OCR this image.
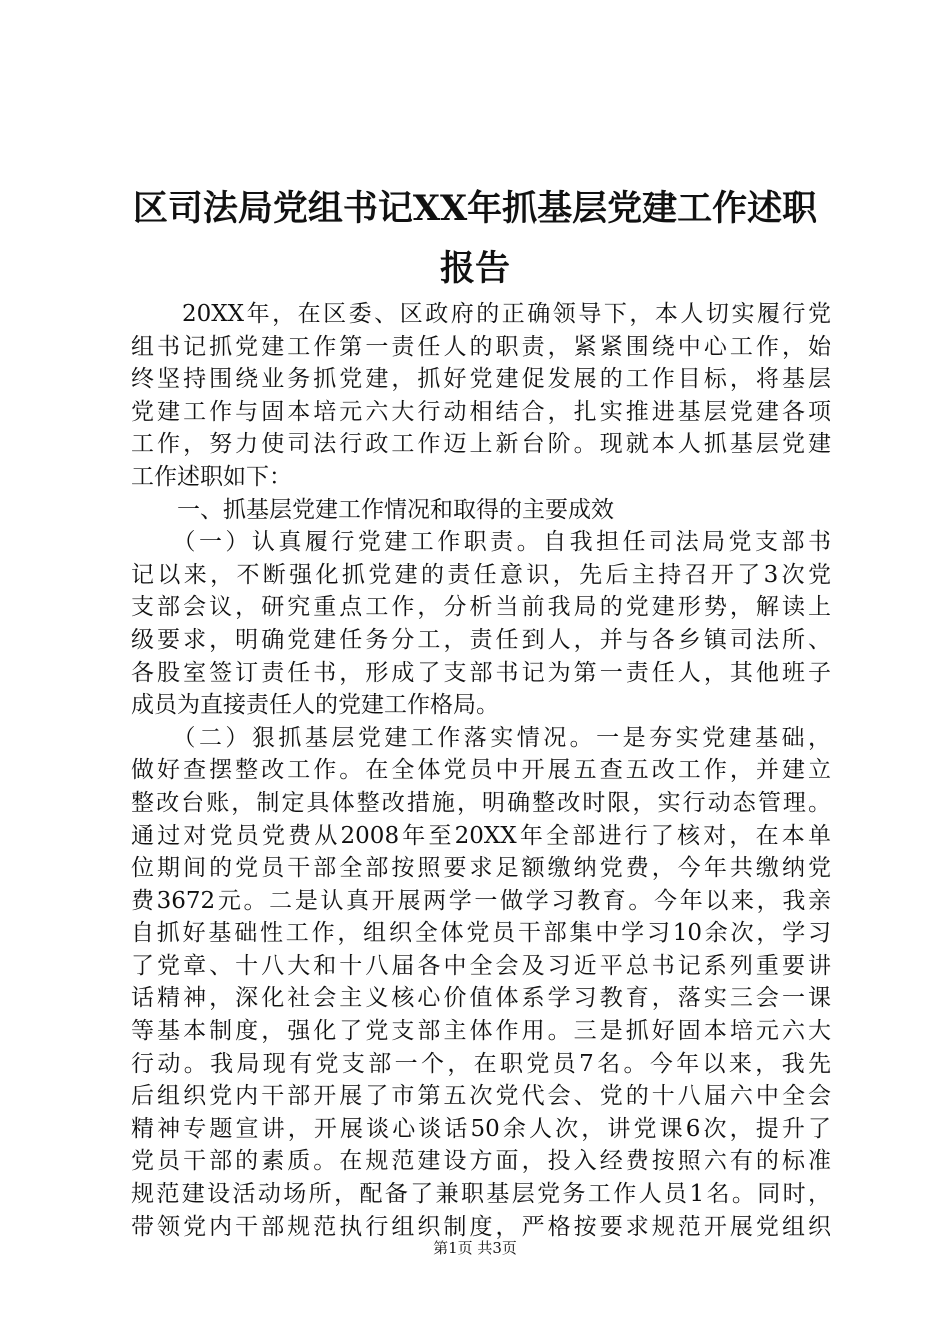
区司法局党组书记XX年抓基层党建工作述职
报告
　　20XX年，在区委、区政府的正确领导下，本人切实履行党
组书记抓党建工作第一责任人的职责，紧紧围绕中心工作，始
终坚持围绕业务抓党建，抓好党建促发展的工作目标，将基层
党建工作与固本培元六大行动相结合，扎实推进基层党建各项
工作，努力使司法行政工作迈上新台阶。现就本人抓基层党建
工作述职如下：
　　一、抓基层党建工作情况和取得的主要成效
　　（一）认真履行党建工作职责。自我担任司法局党支部书
记以来，不断强化抓党建的责任意识，先后主持召开了3次党
支部会议，研究重点工作，分析当前我局的党建形势，解读上
级要求，明确党建任务分工，责任到人，并与各乡镇司法所、
各股室签订责任书，形成了支部书记为第一责任人，其他班子
成员为直接责任人的党建工作格局。
　　（二）狠抓基层党建工作落实情况。一是夯实党建基础，
做好查摆整改工作。在全体党员中开展五查五改工作，并建立
整改台账，制定具体整改措施，明确整改时限，实行动态管理。
通过对党员党费从2008年至20XX年全部进行了核对，在本单
位期间的党员干部全部按照要求足额缴纳党费，今年共缴纳党
费3672元。二是认真开展两学一做学习教育。今年以来，我亲
自抓好基础性工作，组织全体党员干部集中学习10余次，学习
了党章、十八大和十八届各中全会及习近平总书记系列重要讲
话精神，深化社会主义核心价值体系学习教育，落实三会一课
等基本制度，强化了党支部主体作用。三是抓好固本培元六大
行动。我局现有党支部一个，在职党员7名。今年以来，我先
后组织党内干部开展了市第五次党代会、党的十八届六中全会
精神专题宣讲，开展谈心谈话50余人次，讲党课6次，提升了
党员干部的素质。在规范建设方面，投入经费按照六有的标准
规范建设活动场所，配备了兼职基层党务工作人员1名。同时，
带领党内干部规范执行组织制度，严格按要求规范开展党组织
第1页 共3页
